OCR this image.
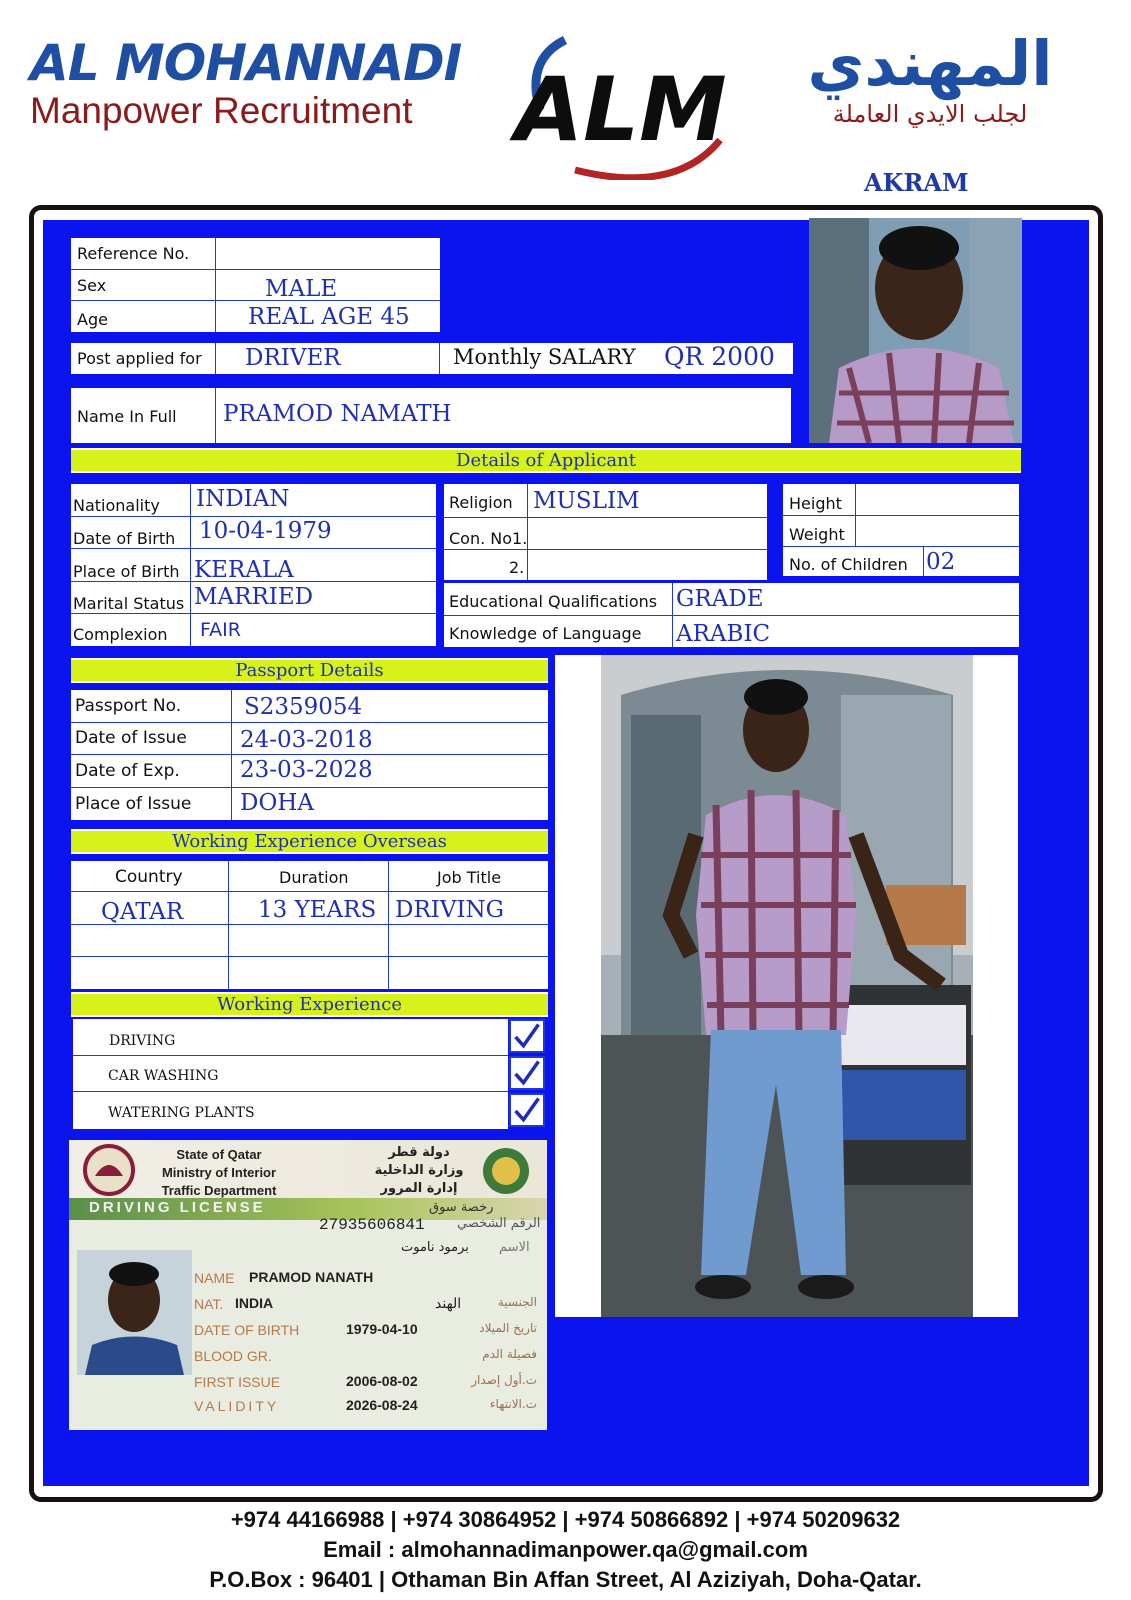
AL MOHANNADI
Manpower Recruitment	ALM	المهندي
لجلب الايدي العاملة
AKRAM
Reference No.
Sex	MALE
Age	REAL AGE 45
Post applied for DRIVER	Monthly SALARY QR 2000
Name In Full PRAMOD NAMATH
Details of Applicant
Nationality INDIAN
Date of Birth 10-04-1979
Place of Birth KERALA
Marital Status MARRIED
Complexion FAIR
Religion MUSLIM
Con. No1.
2.
Height
Weight
No. of Children 02
Educational Qualifications GRADE
Knowledge of Language ARABIC
Passport Details
Passport No.	S2359054
Date of Issue 24-03-2018
Date of Exp.	23-03-2028
Place of Issue DOHA
Working Experience Overseas
Country	Duration	Job Title
QATAR	13 YEARS DRIVING
Working Experience
DRIVING
CAR WASHING
WATERING PLANTS
State of Qatar
Ministry of Interior
Traffic Department
دولة قطر
وزارة الداخلية
إدارة المرور
DRIVING LICENSE	رخصة سوق
27935606841 الرقم الشخصي
برمود ناموت الاسم
NAME PRAMOD NANATH
NAT. INDIA	الهند	الجنسية
DATE OF BIRTH	1979-04-10	تاريخ الميلاد
BLOOD GR.	فصيلة الدم
FIRST ISSUE	2006-08-02	ت.أول إصدار
VALIDITY	2026-08-24	ت.الانتهاء
+974 44166988 | +974 30864952 | +974 50866892 | +974 50209632
Email : almohannadimanpower.qa@gmail.com
P.O.Box : 96401 | Othaman Bin Affan Street, Al Aziziyah, Doha-Qatar.
